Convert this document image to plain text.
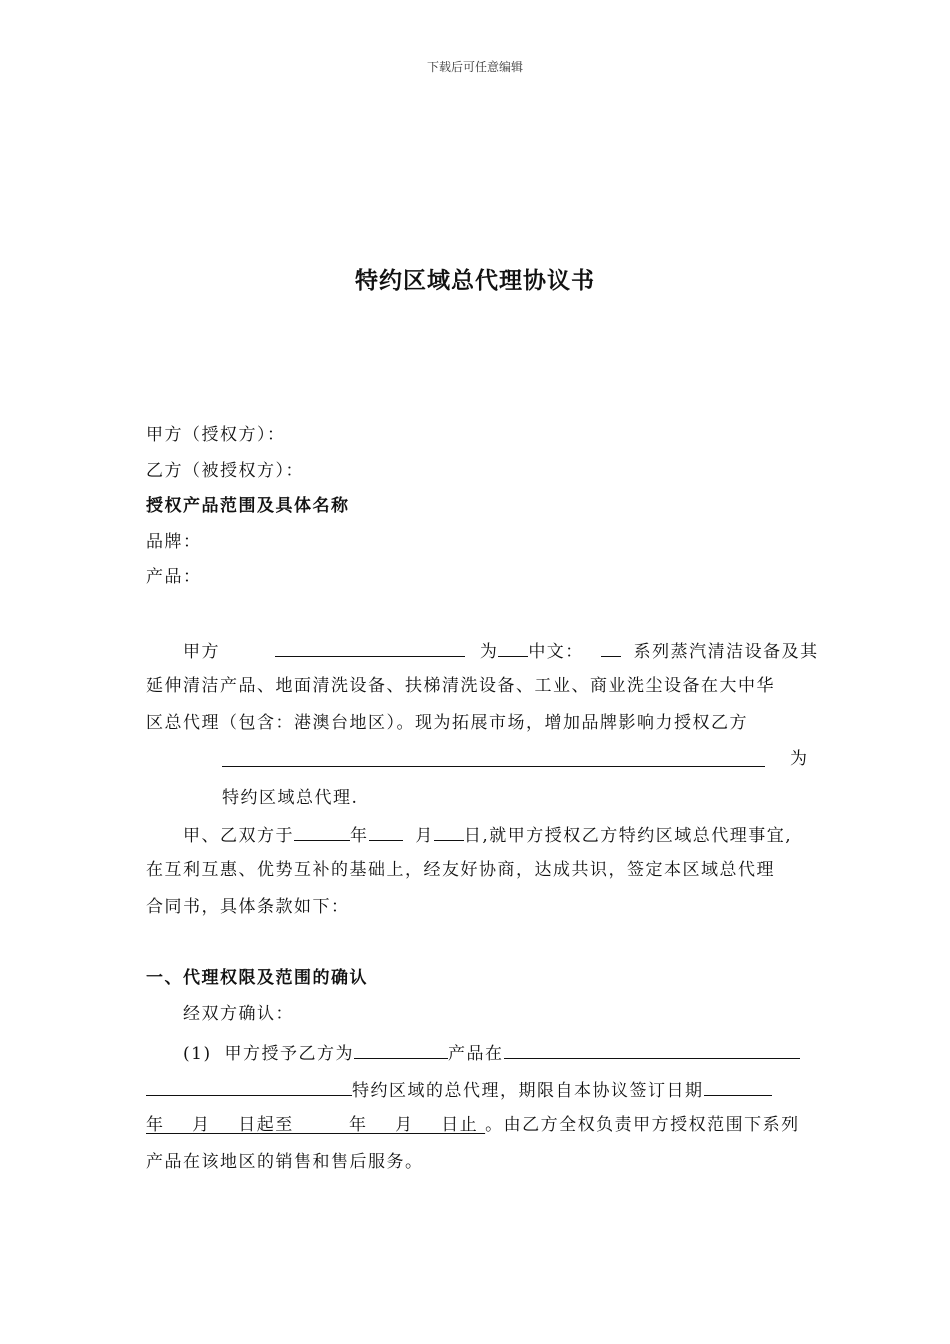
下载后可任意编辑
特约区域总代理协议书
甲方（授权方）：
乙方（被授权方）：
授权产品范围及具体名称
品牌：
产品：
甲方	为 中文：	系列蒸汽清洁设备及其
延伸清洁产品、地面清洗设备、扶梯清洗设备、工业、商业洗尘设备在大中华
区总代理（包含：港澳台地区）。现为拓展市场，增加品牌影响力授权乙方
为
特约区域总代理.
甲、乙双方于	年	月 日,就甲方授权乙方特约区域总代理事宜,
在互利互惠、优势互补的基础上，经友好协商，达成共识，签定本区域总代理
合同书，具体条款如下：
一、代理权限及范围的确认
经双方确认：
(1) 甲方授予乙方为	产品在
特约区域的总代理，期限自本协议签订日期
年    月    日起至        年    月    日止 。由乙方全权负责甲方授权范围下系列
产品在该地区的销售和售后服务。
